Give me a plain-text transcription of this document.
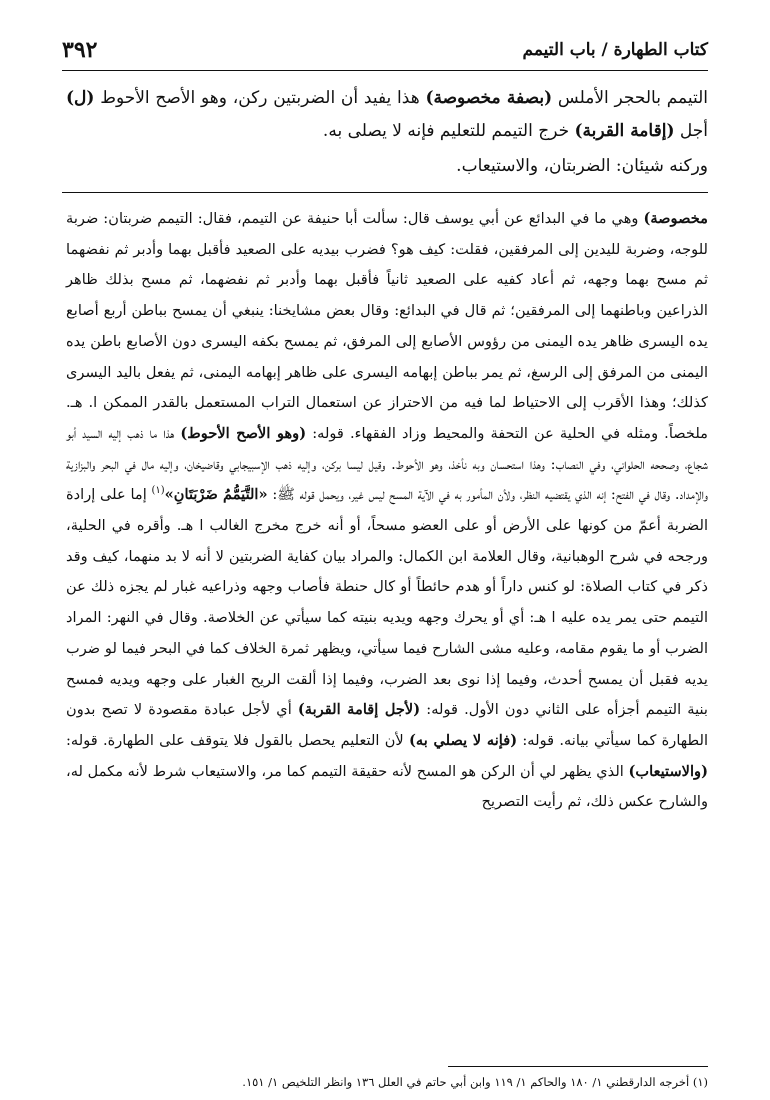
كتاب الطهارة / باب التيمم
٣٩٢

التيمم بالحجر الأملس (بصفة مخصوصة) هذا يفيد أن الضربتين ركن، وهو الأصح الأحوط (ل) أجل (إقامة القربة) خرج التيمم للتعليم فإنه لا يصلى به.

وركنه شيئان: الضربتان، والاستيعاب.

مخصوصة) وهي ما في البدائع عن أبي يوسف قال: سألت أبا حنيفة عن التيمم، فقال: التيمم ضربتان: ضربة للوجه، وضربة لليدين إلى المرفقين، فقلت: كيف هو؟ فضرب بيديه على الصعيد فأقبل بهما وأدبر ثم نفضهما ثم مسح بهما وجهه، ثم أعاد كفيه على الصعيد ثانياً فأقبل بهما وأدبر ثم نفضهما، ثم مسح بذلك ظاهر الذراعين وباطنهما إلى المرفقين؛ ثم قال في البدائع: وقال بعض مشايخنا: ينبغي أن يمسح بباطن أربع أصابع يده اليسرى ظاهر يده اليمنى من رؤوس الأصابع إلى المرفق، ثم يمسح بكفه اليسرى دون الأصابع باطن يده اليمنى من المرفق إلى الرسغ، ثم يمر بباطن إبهامه اليسرى على ظاهر إبهامه اليمنى، ثم يفعل باليد اليسرى كذلك؛ وهذا الأقرب إلى الاحتياط لما فيه من الاحتراز عن استعمال التراب المستعمل بالقدر الممكن ا. هـ. ملخصاً. ومثله في الحلية عن التحفة والمحيط وزاد الفقهاء. قوله: (وهو الأصح الأحوط) هذا ما ذهب إليه السيد أبو شجاع، وصححه الحلواني، وفي النصاب: وهذا استحسان وبه نأخذ، وهو الأحوط. وقيل ليسا بركن، وإليه ذهب الإسبيجابي وقاضيخان، وإليه مال في البحر والبزازية والإمداد. وقال في الفتح: إنه الذي يقتضيه النظر، ولأن المأمور به في الآية المسح ليس غير، ويحمل قوله ﷺ: «التَّيَمُّمُ ضَرْبَتَانِ»$^{(١)}$ إما على إرادة الضربة أعمّ من كونها على الأرض أو على العضو مسحاً، أو أنه خرج مخرج الغالب ا هـ. وأقره في الحلية، ورجحه في شرح الوهبانية، وقال العلامة ابن الكمال: والمراد بيان كفاية الضربتين لا أنه لا بد منهما، كيف وقد ذكر في كتاب الصلاة: لو كنس داراً أو هدم حائطاً أو كال حنطة فأصاب وجهه وذراعيه غبار لم يجزه ذلك عن التيمم حتى يمر يده عليه ا هـ: أي أو يحرك وجهه ويديه بنيته كما سيأتي عن الخلاصة. وقال في النهر: المراد الضرب أو ما يقوم مقامه، وعليه مشى الشارح فيما سيأتي، ويظهر ثمرة الخلاف كما في البحر فيما لو ضرب يديه فقبل أن يمسح أحدث، وفيما إذا نوى بعد الضرب، وفيما إذا ألقت الريح الغبار على وجهه ويديه فمسح بنية التيمم أجزأه على الثاني دون الأول. قوله: (لأجل إقامة القربة) أي لأجل عبادة مقصودة لا تصح بدون الطهارة كما سيأتي بيانه. قوله: (فإنه لا يصلي به) لأن التعليم يحصل بالقول فلا يتوقف على الطهارة. قوله: (والاستيعاب) الذي يظهر لي أن الركن هو المسح لأنه حقيقة التيمم كما مر، والاستيعاب شرط لأنه مكمل له، والشارح عكس ذلك، ثم رأيت التصريح

(١) أخرجه الدارقطني ١/ ١٨٠ والحاكم ١/ ١١٩ وابن أبي حاتم في العلل ١٣٦ وانظر التلخيص ١/ ١٥١.
